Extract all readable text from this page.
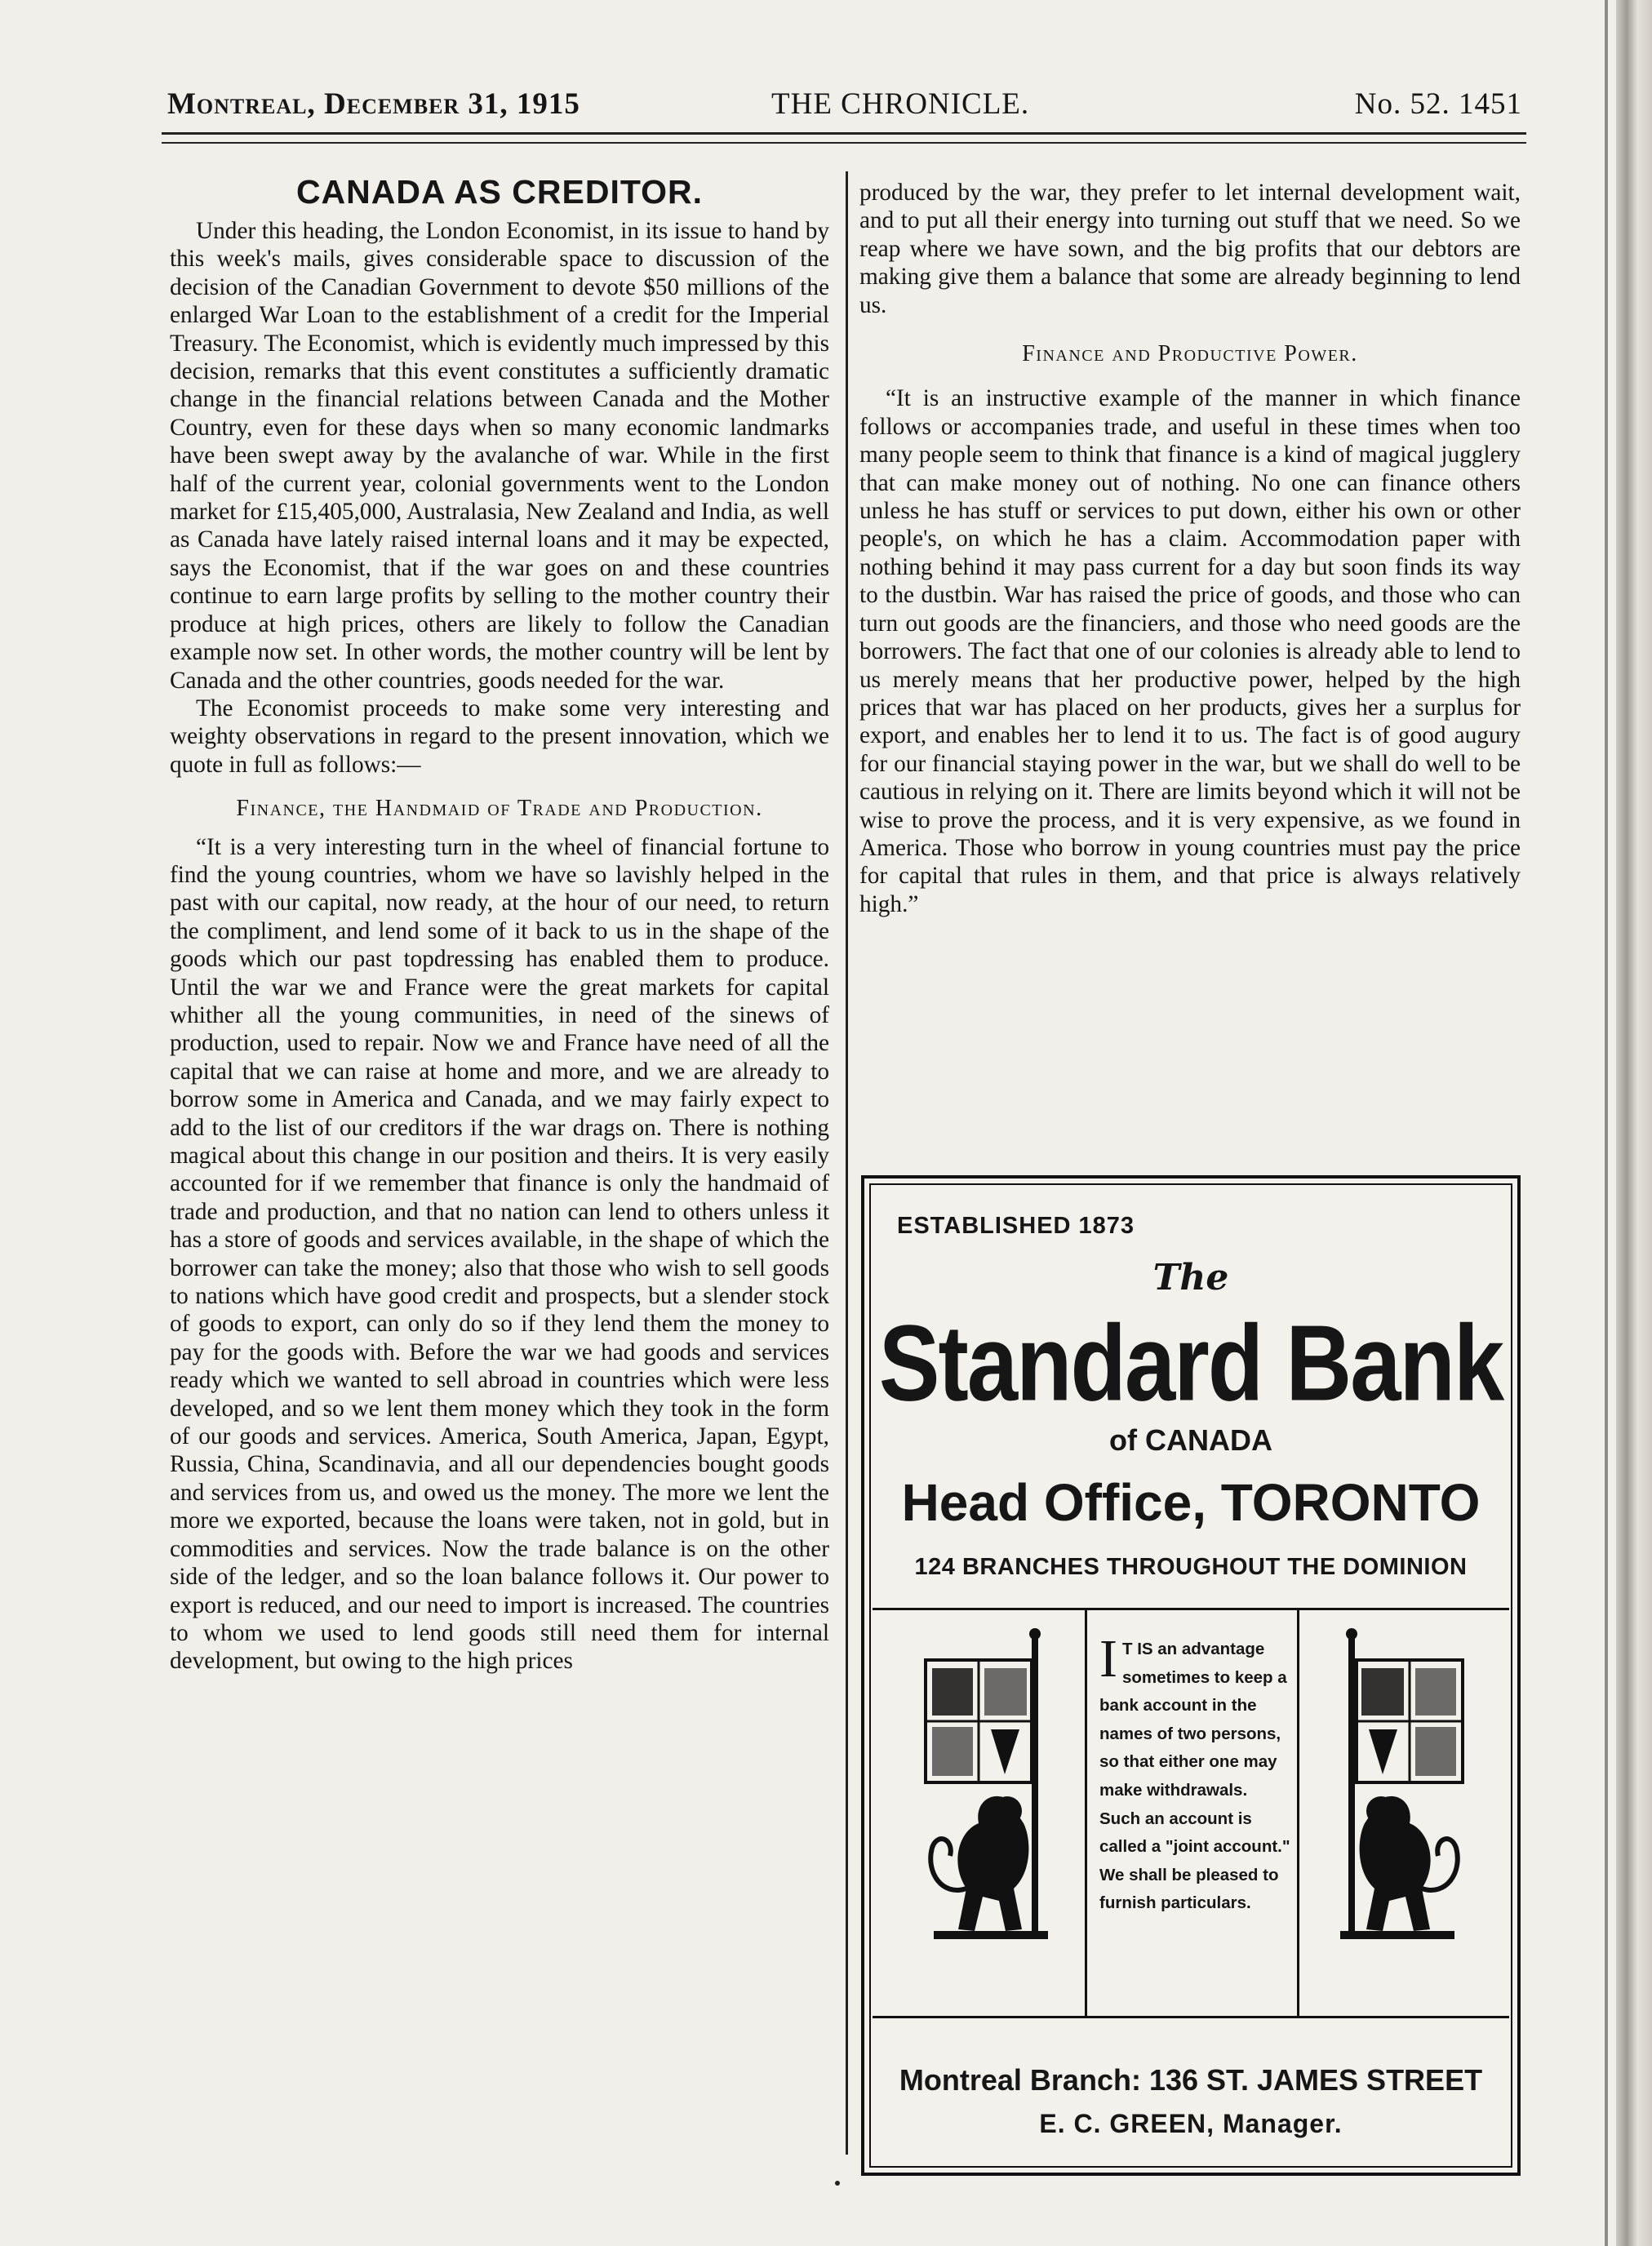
Montreal, December 31, 1915	THE CHRONICLE.	No. 52. 1451
CANADA AS CREDITOR.

Under this heading, the London Economist, in its issue to hand by this week's mails, gives considerable space to discussion of the decision of the Canadian Government to devote $50 millions of the enlarged War Loan to the establishment of a credit for the Imperial Treasury. The Economist, which is evidently much impressed by this decision, remarks that this event constitutes a sufficiently dramatic change in the financial relations between Canada and the Mother Country, even for these days when so many economic landmarks have been swept away by the avalanche of war. While in the first half of the current year, colonial governments went to the London market for £15,405,000, Australasia, New Zealand and India, as well as Canada have lately raised internal loans and it may be expected, says the Economist, that if the war goes on and these countries continue to earn large profits by selling to the mother country their produce at high prices, others are likely to follow the Canadian example now set. In other words, the mother country will be lent by Canada and the other countries, goods needed for the war.

The Economist proceeds to make some very interesting and weighty observations in regard to the present innovation, which we quote in full as follows:—

Finance, the Handmaid of Trade and Production.

“It is a very interesting turn in the wheel of financial fortune to find the young countries, whom we have so lavishly helped in the past with our capital, now ready, at the hour of our need, to return the compliment, and lend some of it back to us in the shape of the goods which our past topdressing has enabled them to produce. Until the war we and France were the great markets for capital whither all the young communities, in need of the sinews of production, used to repair. Now we and France have need of all the capital that we can raise at home and more, and we are already to borrow some in America and Canada, and we may fairly expect to add to the list of our creditors if the war drags on. There is nothing magical about this change in our position and theirs. It is very easily accounted for if we remember that finance is only the handmaid of trade and production, and that no nation can lend to others unless it has a store of goods and services available, in the shape of which the borrower can take the money; also that those who wish to sell goods to nations which have good credit and prospects, but a slender stock of goods to export, can only do so if they lend them the money to pay for the goods with. Before the war we had goods and services ready which we wanted to sell abroad in countries which were less developed, and so we lent them money which they took in the form of our goods and services. America, South America, Japan, Egypt, Russia, China, Scandinavia, and all our dependencies bought goods and services from us, and owed us the money. The more we lent the more we exported, because the loans were taken, not in gold, but in commodities and services. Now the trade balance is on the other side of the ledger, and so the loan balance follows it. Our power to export is reduced, and our need to import is increased. The countries to whom we used to lend goods still need them for internal development, but owing to the high prices

produced by the war, they prefer to let internal development wait, and to put all their energy into turning out stuff that we need. So we reap where we have sown, and the big profits that our debtors are making give them a balance that some are already beginning to lend us.

Finance and Productive Power.

“It is an instructive example of the manner in which finance follows or accompanies trade, and useful in these times when too many people seem to think that finance is a kind of magical jugglery that can make money out of nothing. No one can finance others unless he has stuff or services to put down, either his own or other people's, on which he has a claim. Accommodation paper with nothing behind it may pass current for a day but soon finds its way to the dustbin. War has raised the price of goods, and those who can turn out goods are the financiers, and those who need goods are the borrowers. The fact that one of our colonies is already able to lend to us merely means that her productive power, helped by the high prices that war has placed on her products, gives her a surplus for export, and enables her to lend it to us. The fact is of good augury for our financial staying power in the war, but we shall do well to be cautious in relying on it. There are limits beyond which it will not be wise to prove the process, and it is very expensive, as we found in America. Those who borrow in young countries must pay the price for capital that rules in them, and that price is always relatively high.”

ESTABLISHED 1873
The
Standard Bank
of CANADA
Head Office, TORONTO
124 BRANCHES THROUGHOUT THE DOMINION
I T IS an advantage sometimes to keep a bank account in the names of two persons, so that either one may make withdrawals. Such an account is called a "joint account." We shall be pleased to furnish particulars.
Montreal Branch: 136 ST. JAMES STREET
E. C. GREEN, Manager.
